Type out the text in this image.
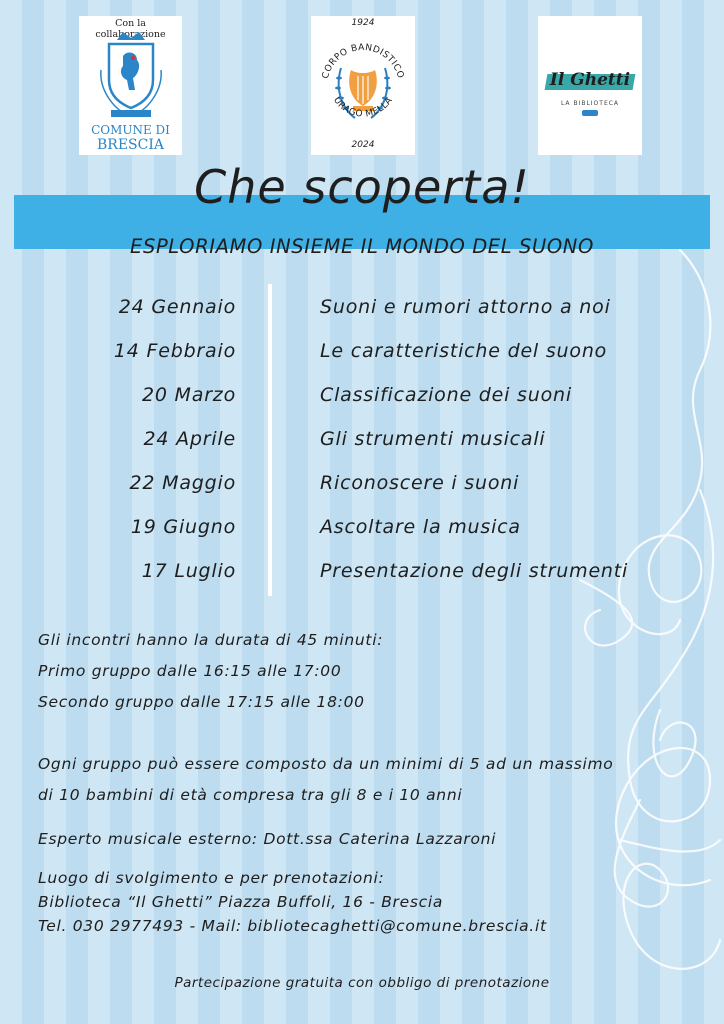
Con la collaborazione
COMUNE DI
BRESCIA
1924
CORPO BANDISTICO
URAGO MELLA
2024
Il Ghetti
LA BIBLIOTECA
Che scoperta!
ESPLORIAMO INSIEME IL MONDO DEL SUONO
24 Gennaio	Suoni e rumori attorno a noi
14 Febbraio	Le caratteristiche del suono
20 Marzo	Classificazione dei suoni
24 Aprile	Gli strumenti musicali
22 Maggio	Riconoscere i suoni
19 Giugno	Ascoltare la musica
17 Luglio	Presentazione degli strumenti
Gli incontri hanno la durata di 45 minuti:
Primo gruppo dalle 16:15 alle 17:00
Secondo gruppo dalle 17:15 alle 18:00
Ogni gruppo può essere composto da un minimi di 5 ad un massimo
di 10 bambini di età compresa tra gli 8 e i 10 anni
Esperto musicale esterno: Dott.ssa Caterina Lazzaroni
Luogo di svolgimento e per prenotazioni:
Biblioteca “Il Ghetti” Piazza Buffoli, 16 - Brescia
Tel. 030 2977493 - Mail: bibliotecaghetti@comune.brescia.it
Partecipazione gratuita con obbligo di prenotazione
